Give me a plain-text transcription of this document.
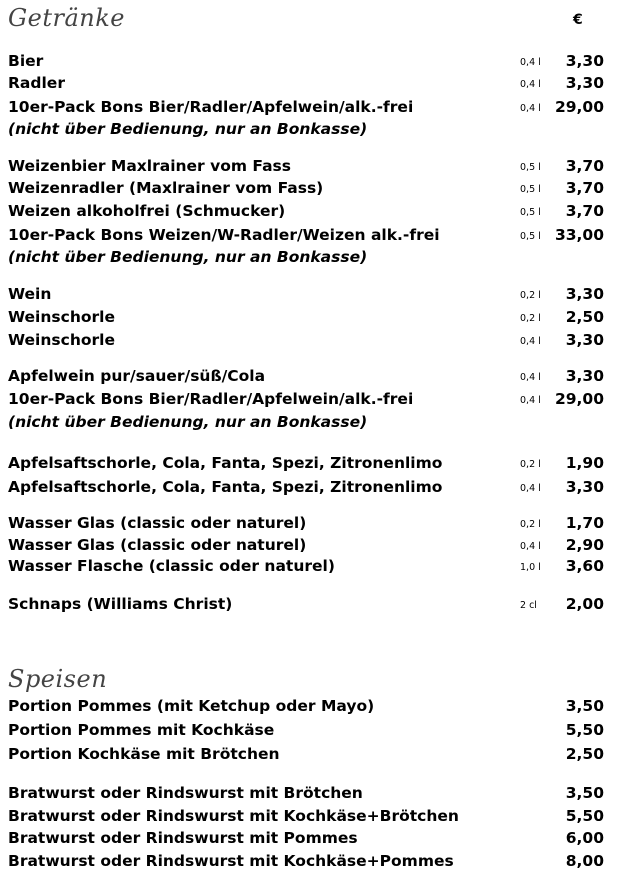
Getränke	€
Bier	0,4 l 3,30
Radler	0,4 l 3,30
10er-Pack Bons Bier/Radler/Apfelwein/alk.-frei	0,4 l 29,00
(nicht über Bedienung, nur an Bonkasse)
Weizenbier Maxlrainer vom Fass	0,5 l 3,70
Weizenradler (Maxlrainer vom Fass)	0,5 l 3,70
Weizen alkoholfrei (Schmucker)	0,5 l 3,70
10er-Pack Bons Weizen/W-Radler/Weizen alk.-frei	0,5 l 33,00
(nicht über Bedienung, nur an Bonkasse)
Wein	0,2 l 3,30
Weinschorle	0,2 l 2,50
Weinschorle	0,4 l 3,30
Apfelwein pur/sauer/süß/Cola	0,4 l 3,30
10er-Pack Bons Bier/Radler/Apfelwein/alk.-frei	0,4 l 29,00
(nicht über Bedienung, nur an Bonkasse)
Apfelsaftschorle, Cola, Fanta, Spezi, Zitronenlimo	0,2 l 1,90
Apfelsaftschorle, Cola, Fanta, Spezi, Zitronenlimo	0,4 l 3,30
Wasser Glas (classic oder naturel)	0,2 l 1,70
Wasser Glas (classic oder naturel)	0,4 l 2,90
Wasser Flasche (classic oder naturel)	1,0 l 3,60
Schnaps (Williams Christ)	2 cl 2,00
Portion Pommes (mit Ketchup oder Mayo)	3,50
Portion Pommes mit Kochkäse	5,50
Portion Kochkäse mit Brötchen	2,50
Bratwurst oder Rindswurst mit Brötchen	3,50
Bratwurst oder Rindswurst mit Kochkäse+Brötchen	5,50
Bratwurst oder Rindswurst mit Pommes	6,00
Bratwurst oder Rindswurst mit Kochkäse+Pommes	8,00
Speisen
